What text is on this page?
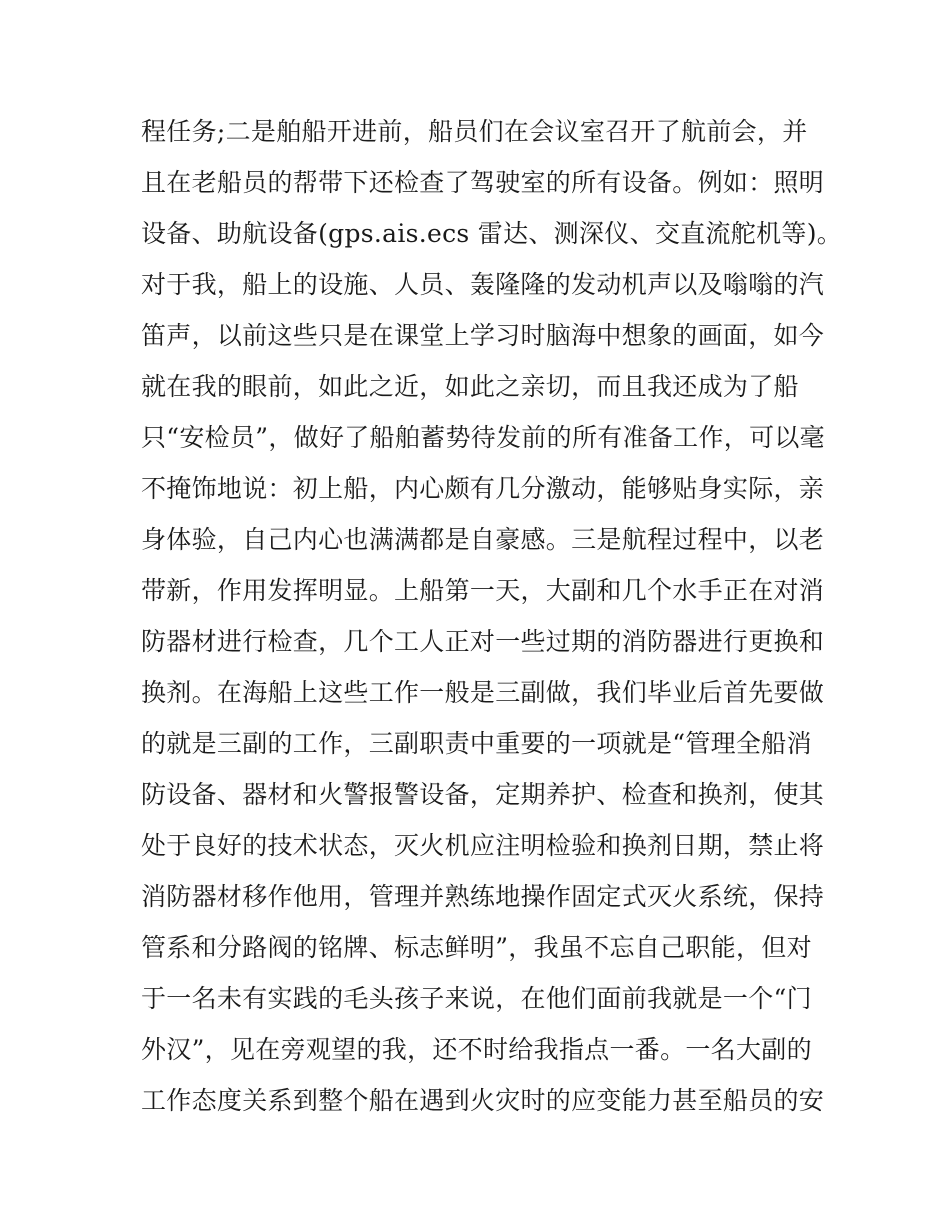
程任务;二是舶船开进前，船员们在会议室召开了航前会，并
且在老船员的帮带下还检查了驾驶室的所有设备。例如：照明
设备、助航设备(gps.ais.ecs 雷达、测深仪、交直流舵机等)。
对于我，船上的设施、人员、轰隆隆的发动机声以及嗡嗡的汽
笛声，以前这些只是在课堂上学习时脑海中想象的画面，如今
就在我的眼前，如此之近，如此之亲切，而且我还成为了船
只“安检员”，做好了船舶蓄势待发前的所有准备工作，可以毫
不掩饰地说：初上船，内心颇有几分激动，能够贴身实际，亲
身体验，自己内心也满满都是自豪感。三是航程过程中，以老
带新，作用发挥明显。上船第一天，大副和几个水手正在对消
防器材进行检查，几个工人正对一些过期的消防器进行更换和
换剂。在海船上这些工作一般是三副做，我们毕业后首先要做
的就是三副的工作，三副职责中重要的一项就是“管理全船消
防设备、器材和火警报警设备，定期养护、检查和换剂，使其
处于良好的技术状态，灭火机应注明检验和换剂日期，禁止将
消防器材移作他用，管理并熟练地操作固定式灭火系统，保持
管系和分路阀的铭牌、标志鲜明”，我虽不忘自己职能，但对
于一名未有实践的毛头孩子来说，在他们面前我就是一个“门
外汉”，见在旁观望的我，还不时给我指点一番。一名大副的
工作态度关系到整个船在遇到火灾时的应变能力甚至船员的安
